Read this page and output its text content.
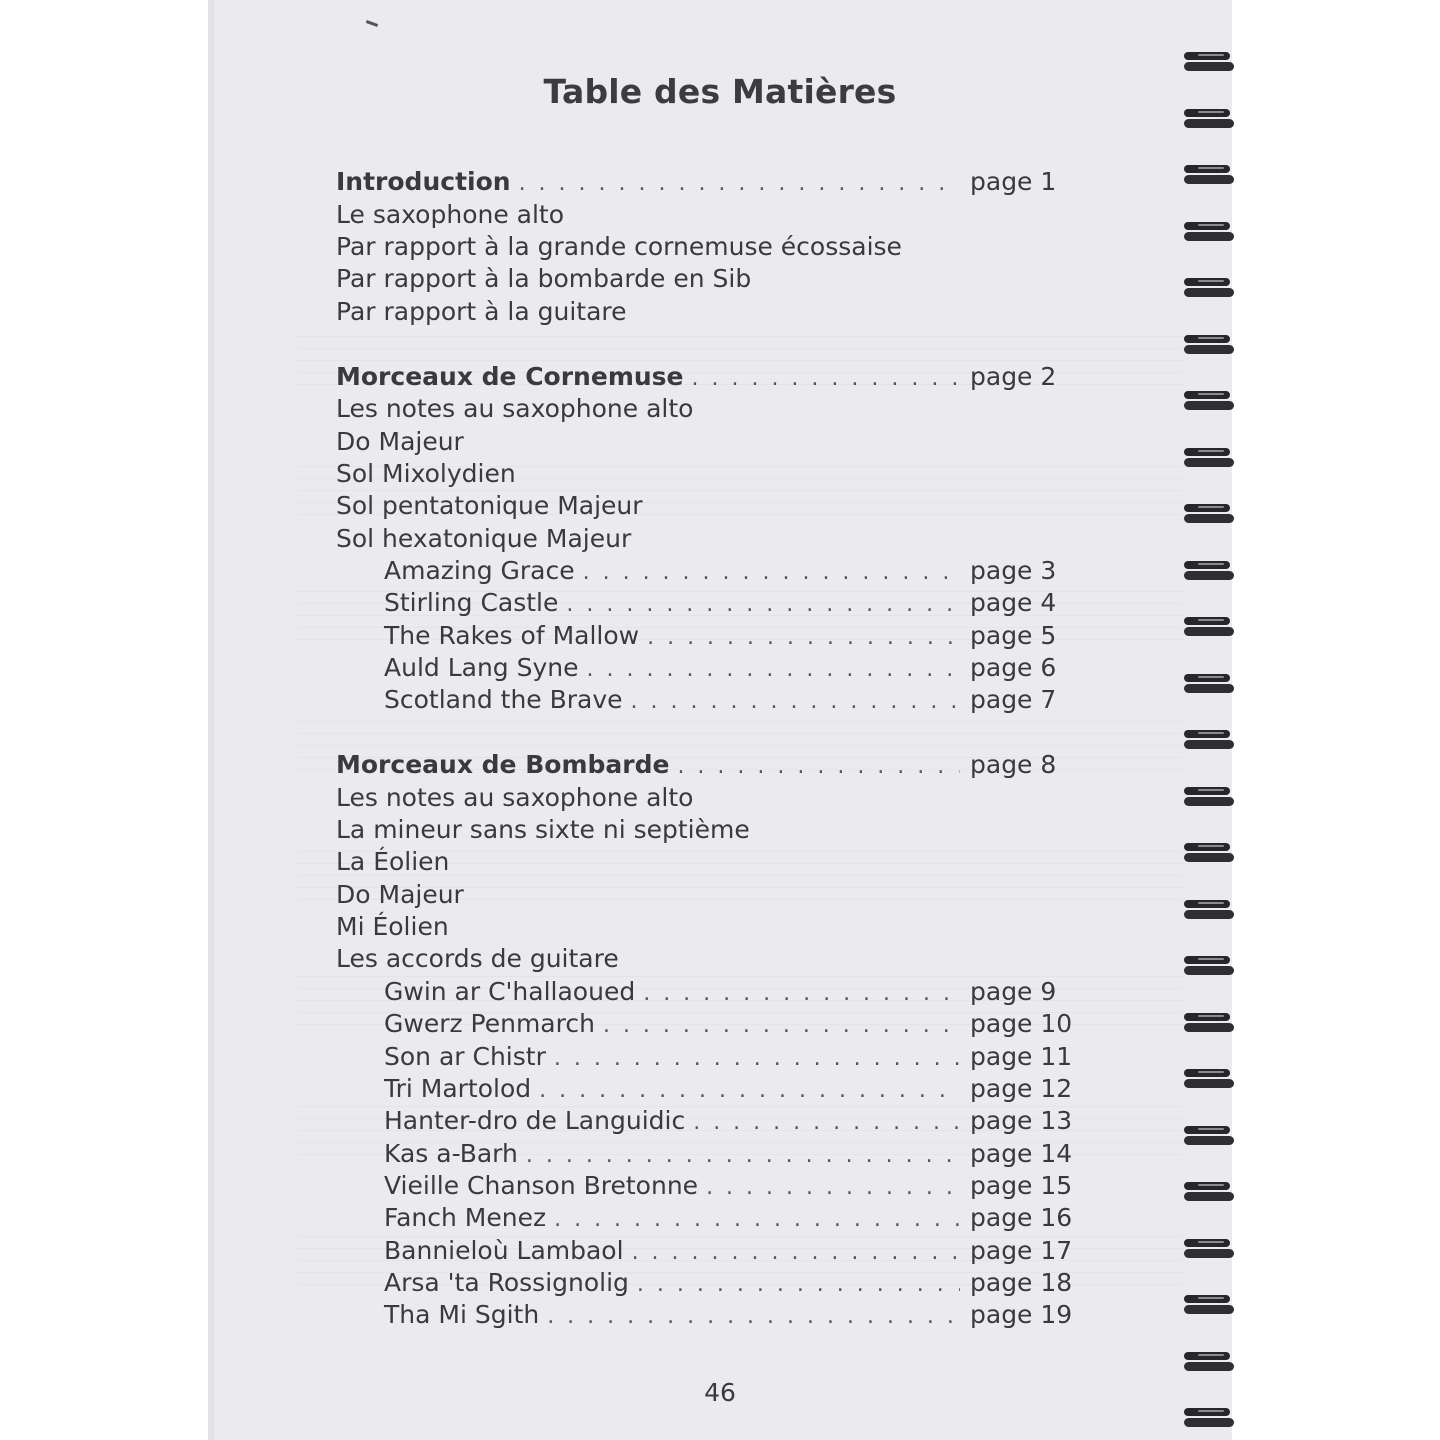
Table des Matières
Introduction . . .	page 1
Le saxophone alto
Par rapport à la grande cornemuse écossaise
Par rapport à la bombarde en Sib
Par rapport à la guitare
Morceaux de Cornemuse . . .	page 2
Les notes au saxophone alto
Do Majeur
Sol Mixolydien
Sol pentatonique Majeur
Sol hexatonique Majeur
Amazing Grace . . .	page 3
Stirling Castle . . .	page 4
The Rakes of Mallow . . .	page 5
Auld Lang Syne . . .	page 6
Scotland the Brave . . .	page 7
Morceaux de Bombarde . . .	page 8
Les notes au saxophone alto
La mineur sans sixte ni septième
La Éolien
Do Majeur
Mi Éolien
Les accords de guitare
Gwin ar C'hallaoued . . .	page 9
Gwerz Penmarch . . .	page 10
Son ar Chistr . . .	page 11
Tri Martolod . . .	page 12
Hanter-dro de Languidic . . .	page 13
Kas a-Barh . . .	page 14
Vieille Chanson Bretonne . . .	page 15
Fanch Menez . . .	page 16
Bannieloù Lambaol . . .	page 17
Arsa 'ta Rossignolig . . .	page 18
Tha Mi Sgith . . .	page 19
46
